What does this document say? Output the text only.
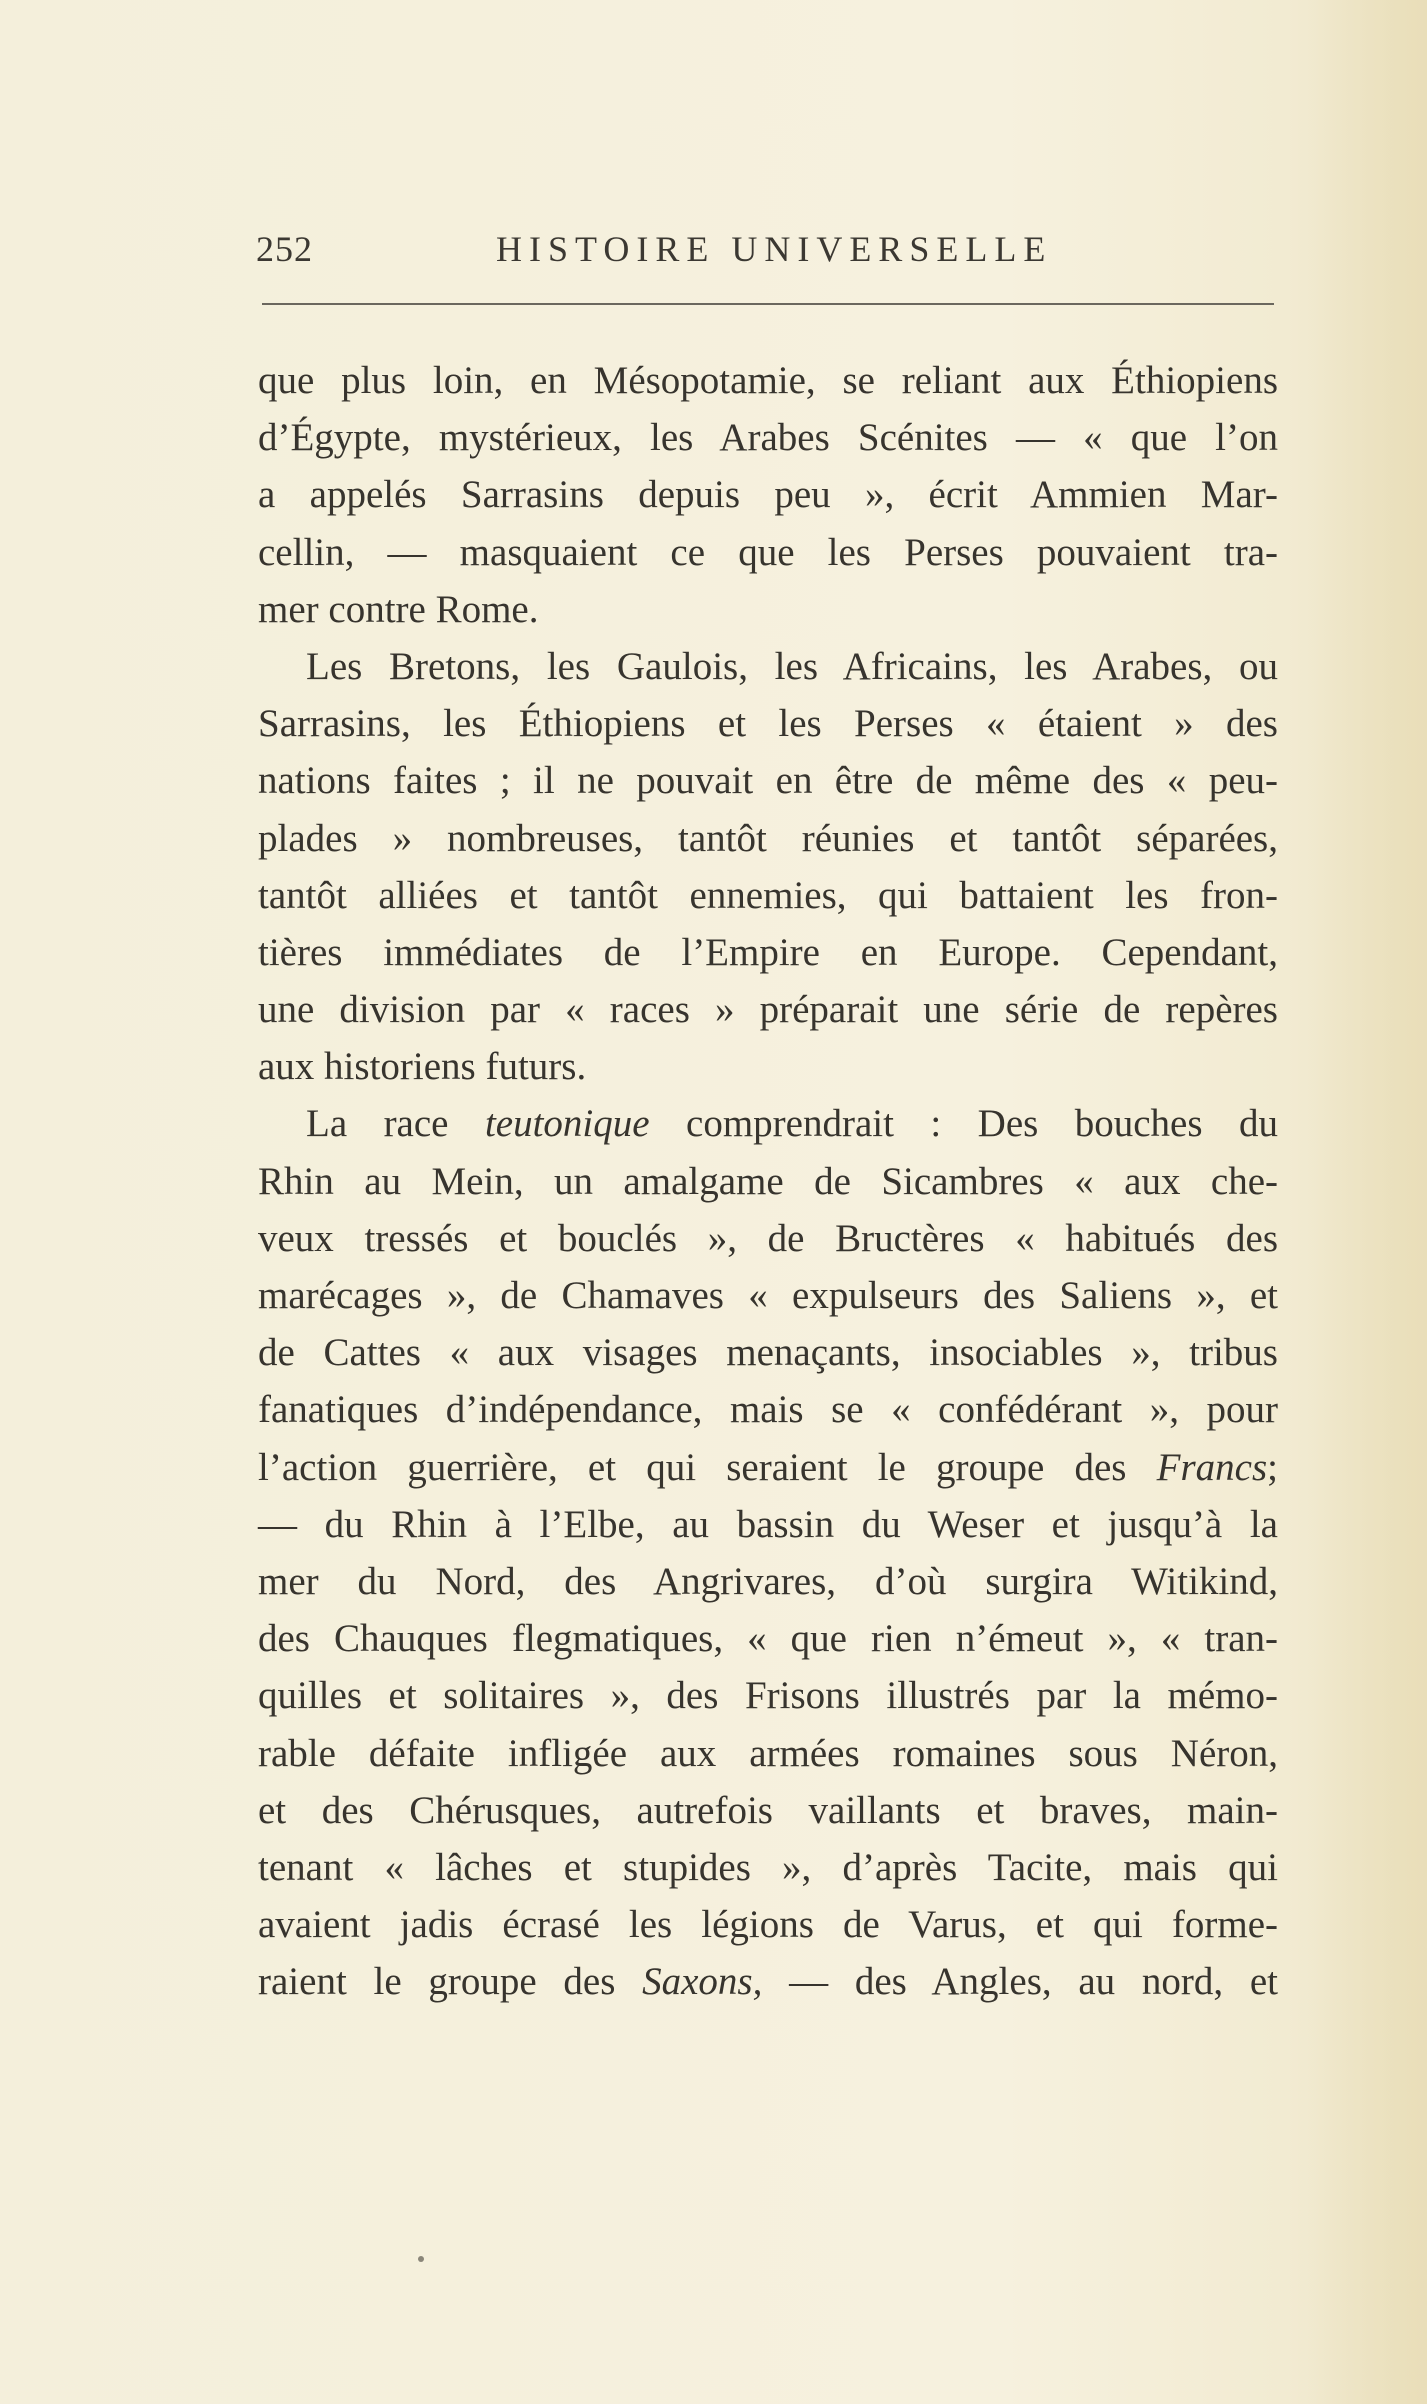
252	HISTOIRE UNIVERSELLE
que plus loin, en Mésopotamie, se reliant aux Éthiopiens
d’Égypte, mystérieux, les Arabes Scénites — « que l’on
a appelés Sarrasins depuis peu », écrit Ammien Mar-
cellin, — masquaient ce que les Perses pouvaient tra-
mer contre Rome.
Les Bretons, les Gaulois, les Africains, les Arabes, ou
Sarrasins, les Éthiopiens et les Perses « étaient » des
nations faites ; il ne pouvait en être de même des « peu-
plades » nombreuses, tantôt réunies et tantôt séparées,
tantôt alliées et tantôt ennemies, qui battaient les fron-
tières immédiates de l’Empire en Europe. Cependant,
une division par « races » préparait une série de repères
aux historiens futurs.
La race teutonique comprendrait : Des bouches du
Rhin au Mein, un amalgame de Sicambres « aux che-
veux tressés et bouclés », de Bructères « habitués des
marécages », de Chamaves « expulseurs des Saliens », et
de Cattes « aux visages menaçants, insociables », tribus
fanatiques d’indépendance, mais se « confédérant », pour
l’action guerrière, et qui seraient le groupe des Francs;
— du Rhin à l’Elbe, au bassin du Weser et jusqu’à la
mer du Nord, des Angrivares, d’où surgira Witikind,
des Chauques flegmatiques, « que rien n’émeut », « tran-
quilles et solitaires », des Frisons illustrés par la mémo-
rable défaite infligée aux armées romaines sous Néron,
et des Chérusques, autrefois vaillants et braves, main-
tenant « lâches et stupides », d’après Tacite, mais qui
avaient jadis écrasé les légions de Varus, et qui forme-
raient le groupe des Saxons, — des Angles, au nord, et
